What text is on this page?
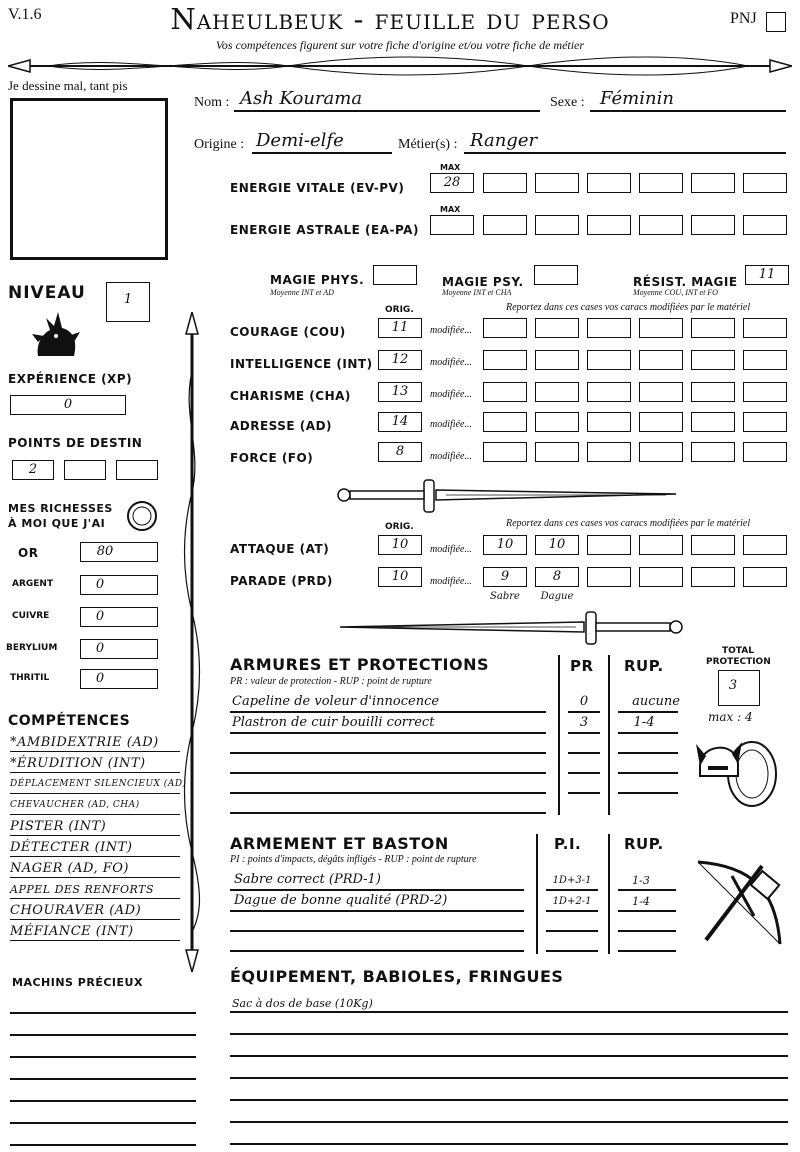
V.1.6	Naheulbeuk - feuille du perso
Vos compétences figurent sur votre fiche d'origine et/ou votre fiche de métier
PNJ
Je dessine mal, tant pis
NIVEAU	1
EXPÉRIENCE (XP)
0
POINTS DE DESTIN
2
MES RICHESSES
À MOI QUE J'AI
OR	80
ARGENT	0
CUIVRE	0
BERYLIUM	0
THRITIL	0
COMPÉTENCES
*AMBIDEXTRIE (AD)
*ÉRUDITION (INT)
DÉPLACEMENT SILENCIEUX (AD)
CHEVAUCHER (AD, CHA)
PISTER (INT)
DÉTECTER (INT)
NAGER (AD, FO)
APPEL DES RENFORTS
CHOURAVER (AD)
MÉFIANCE (INT)
MACHINS PRÉCIEUX
Nom : Ash Kourama	Sexe : Féminin
Origine : Demi-elfe	Métier(s) : Ranger
MAX
ENERGIE VITALE (EV-PV)	28
MAX
ENERGIE ASTRALE (EA-PA)
MAGIE PHYS.
Moyenne INT et AD
MAGIE PSY.
Moyenne INT et CHA
RÉSIST. MAGIE
Moyenne COU, INT et FO
11
ORIG.	Reportez dans ces cases vos caracs modifiées par le matériel
COURAGE (COU)	11	modifiée...
INTELLIGENCE (INT)	12	modifiée...
CHARISME (CHA)	13	modifiée...
ADRESSE (AD)	14	modifiée...
FORCE (FO)	8	modifiée...
ORIG.	Reportez dans ces cases vos caracs modifiées par le matériel
ATTAQUE (AT)	10	modifiée...	10	10
PARADE (PRD)	10	modifiée...	9	8
Sabre	Dague
ARMURES ET PROTECTIONS
PR : valeur de protection - RUP : point de rupture
PR RUP.
Capeline de voleur d'innocence	0	aucune
Plastron de cuir bouilli correct	3	1-4
TOTAL
PROTECTION
3
max : 4
ARMEMENT ET BASTON
PI : points d'impacts, dégâts infligés - RUP : point de rupture
P.I.	RUP.
Sabre correct (PRD-1)	1D+3-1	1-3
Dague de bonne qualité (PRD-2)	1D+2-1	1-4
ÉQUIPEMENT, BABIOLES, FRINGUES
Sac à dos de base (10Kg)
